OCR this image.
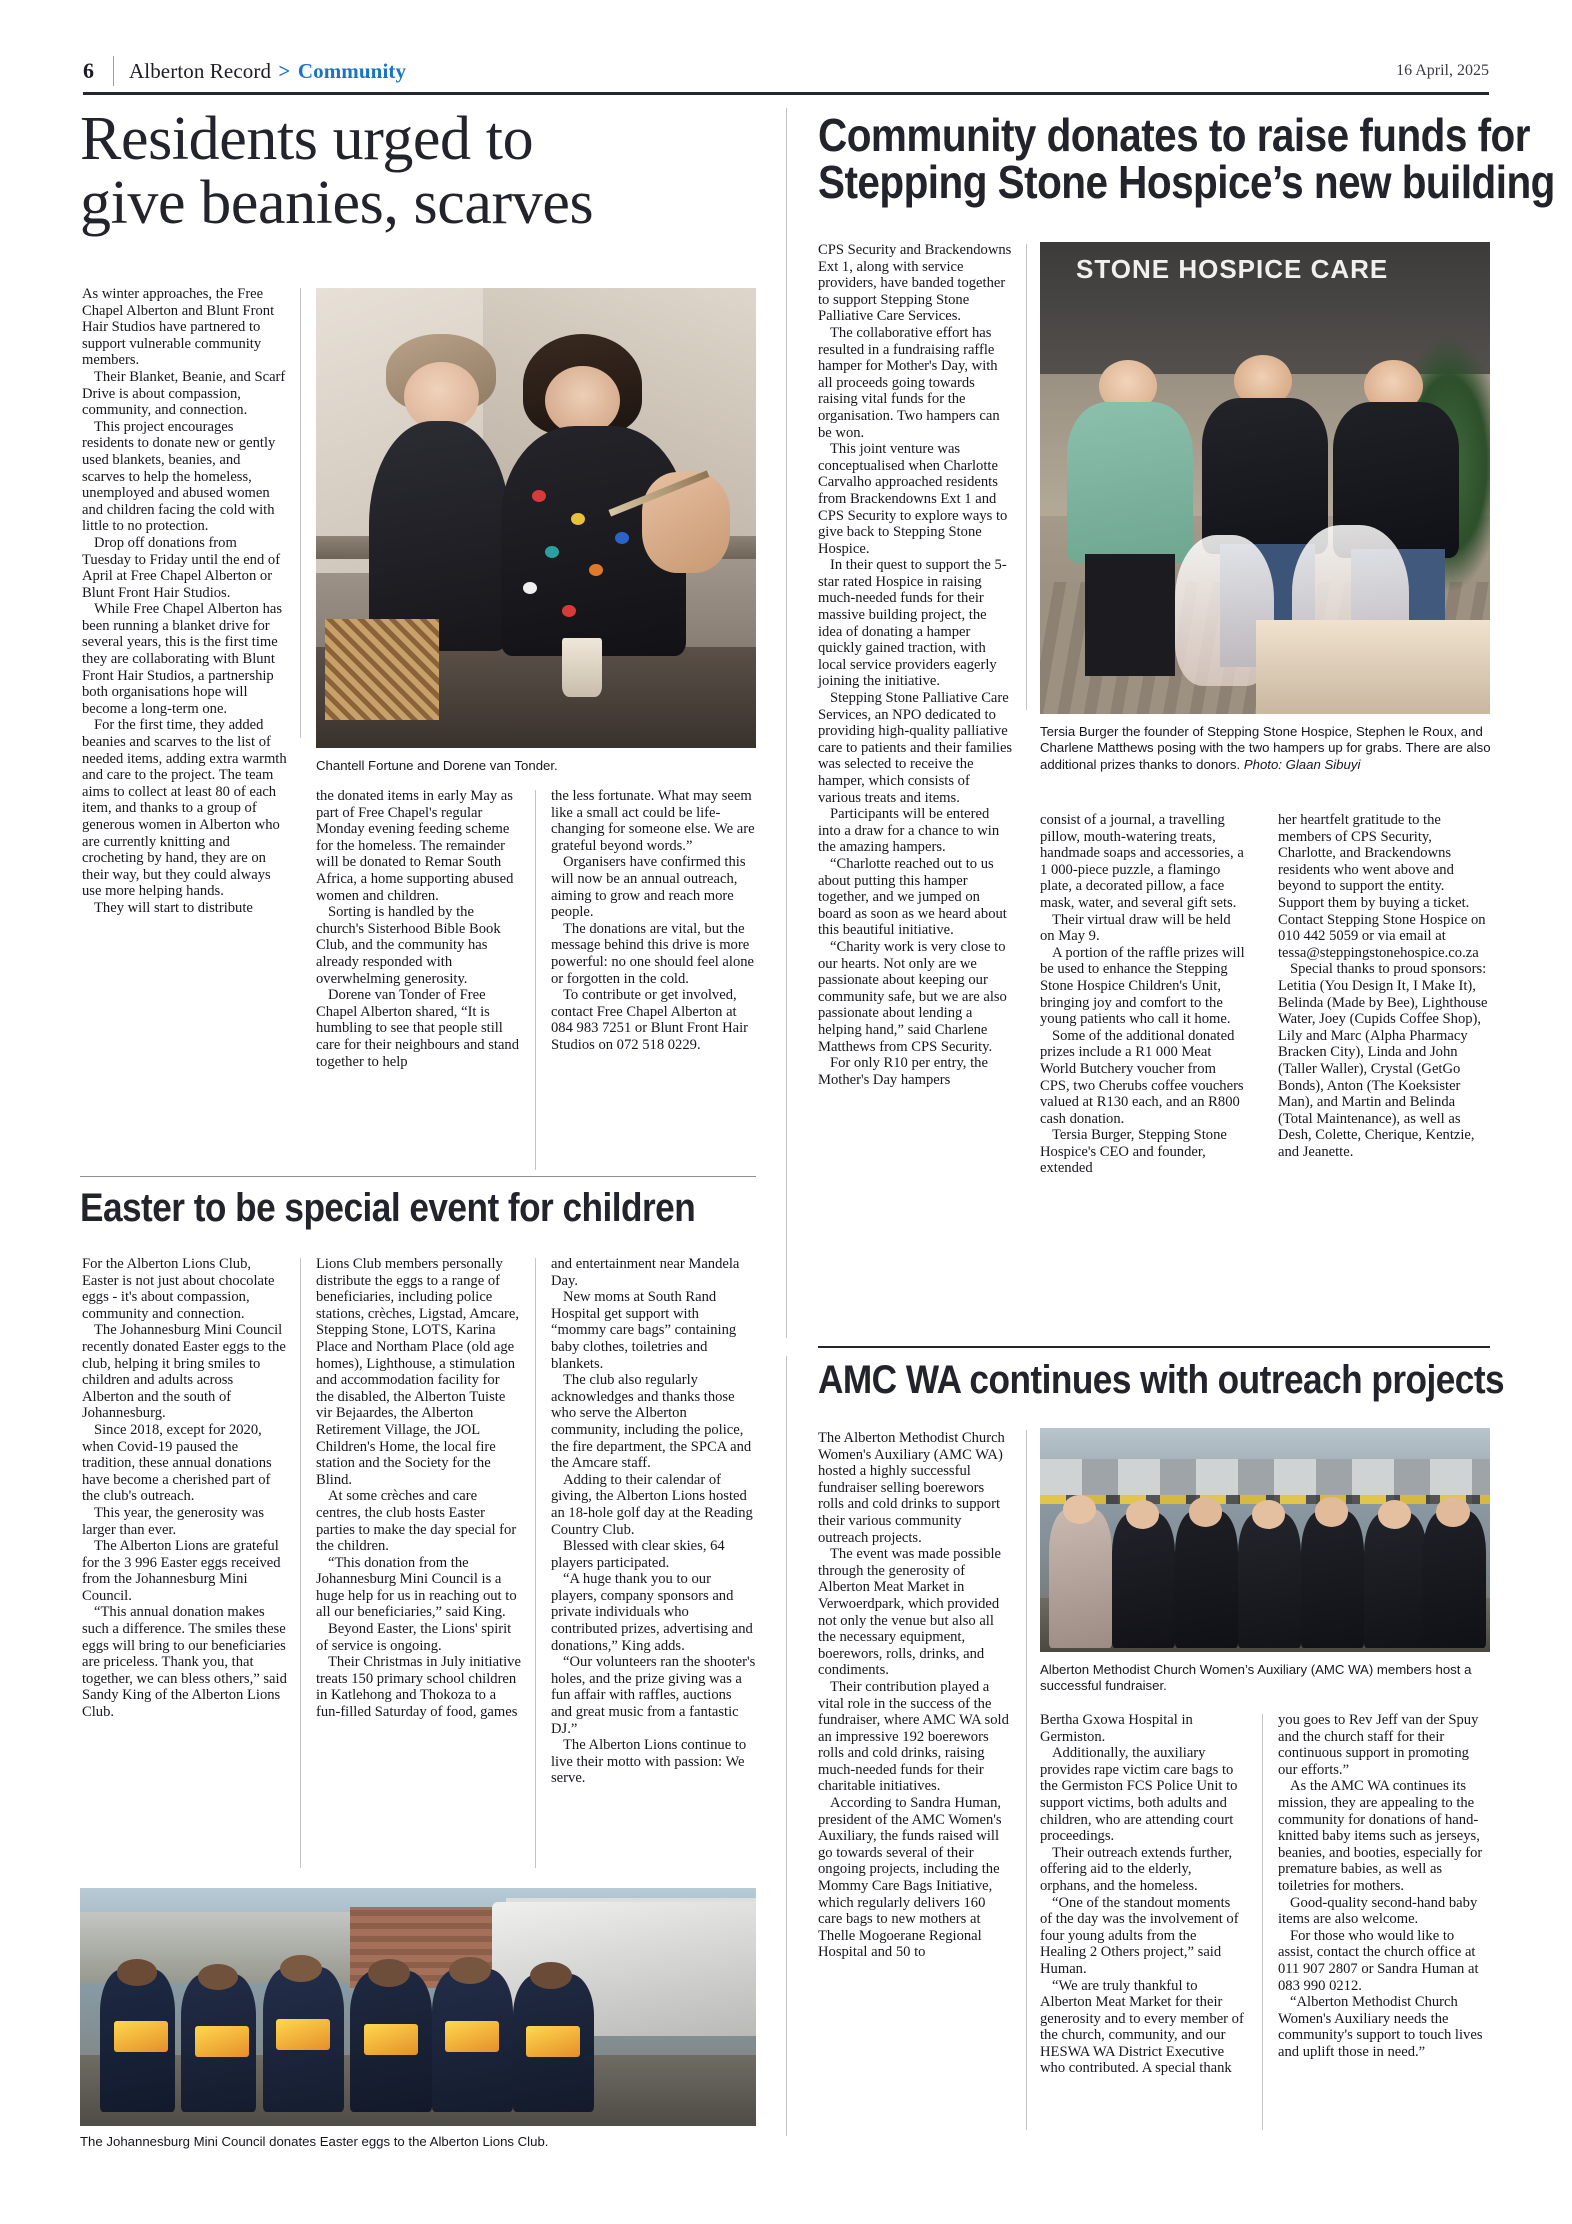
6 Alberton Record > Community	16 April, 2025
Residents urged to
give beanies, scarves

As winter approaches, the Free Chapel Alberton and Blunt Front Hair Studios have partnered to support vulnerable community members.

Their Blanket, Beanie, and Scarf Drive is about compassion, community, and connection.

This project encourages residents to donate new or gently used blankets, beanies, and scarves to help the homeless, unemployed and abused women and children facing the cold with little to no protection.

Drop off donations from Tuesday to Friday until the end of April at Free Chapel Alberton or Blunt Front Hair Studios.

While Free Chapel Alberton has been running a blanket drive for several years, this is the first time they are collaborating with Blunt Front Hair Studios, a partnership both organisations hope will become a long-term one.

For the first time, they added beanies and scarves to the list of needed items, adding extra warmth and care to the project. The team aims to collect at least 80 of each item, and thanks to a group of generous women in Alberton who are currently knitting and crocheting by hand, they are on their way, but they could always use more helping hands.

They will start to distribute

Chantell Fortune and Dorene van Tonder.

the donated items in early May as part of Free Chapel's regular Monday evening feeding scheme for the homeless. The remainder will be donated to Remar South Africa, a home supporting abused women and children.

Sorting is handled by the church's Sisterhood Bible Book Club, and the community has already responded with overwhelming generosity.

Dorene van Tonder of Free Chapel Alberton shared, “It is humbling to see that people still care for their neighbours and stand together to help

the less fortunate. What may seem like a small act could be life-changing for someone else. We are grateful beyond words.”

Organisers have confirmed this will now be an annual outreach, aiming to grow and reach more people.

The donations are vital, but the message behind this drive is more powerful: no one should feel alone or forgotten in the cold.

To contribute or get involved, contact Free Chapel Alberton at 084 983 7251 or Blunt Front Hair Studios on 072 518 0229.

Easter to be special event for children

For the Alberton Lions Club, Easter is not just about chocolate eggs - it's about compassion, community and connection.

The Johannesburg Mini Council recently donated Easter eggs to the club, helping it bring smiles to children and adults across Alberton and the south of Johannesburg.

Since 2018, except for 2020, when Covid-19 paused the tradition, these annual donations have become a cherished part of the club's outreach.

This year, the generosity was larger than ever.

The Alberton Lions are grateful for the 3 996 Easter eggs received from the Johannesburg Mini Council.

“This annual donation makes such a difference. The smiles these eggs will bring to our beneficiaries are priceless. Thank you, that together, we can bless others,” said Sandy King of the Alberton Lions Club.

Lions Club members personally distribute the eggs to a range of beneficiaries, including police stations, crèches, Ligstad, Amcare, Stepping Stone, LOTS, Karina Place and Northam Place (old age homes), Lighthouse, a stimulation and accommodation facility for the disabled, the Alberton Tuiste vir Bejaardes, the Alberton Retirement Village, the JOL Children's Home, the local fire station and the Society for the Blind.

At some crèches and care centres, the club hosts Easter parties to make the day special for the children.

“This donation from the Johannesburg Mini Council is a huge help for us in reaching out to all our beneficiaries,” said King.

Beyond Easter, the Lions' spirit of service is ongoing.

Their Christmas in July initiative treats 150 primary school children in Katlehong and Thokoza to a fun-filled Saturday of food, games

and entertainment near Mandela Day.

New moms at South Rand Hospital get support with “mommy care bags” containing baby clothes, toiletries and blankets.

The club also regularly acknowledges and thanks those who serve the Alberton community, including the police, the fire department, the SPCA and the Amcare staff.

Adding to their calendar of giving, the Alberton Lions hosted an 18-hole golf day at the Reading Country Club.

Blessed with clear skies, 64 players participated.

“A huge thank you to our players, company sponsors and private individuals who contributed prizes, advertising and donations,” King adds.

“Our volunteers ran the shooter's holes, and the prize giving was a fun affair with raffles, auctions and great music from a fantastic DJ.”

The Alberton Lions continue to live their motto with passion: We serve.

The Johannesburg Mini Council donates Easter eggs to the Alberton Lions Club.
Community donates to raise funds for
Stepping Stone Hospice’s new building

CPS Security and Brackendowns Ext 1, along with service providers, have banded together to support Stepping Stone Palliative Care Services.

The collaborative effort has resulted in a fundraising raffle hamper for Mother's Day, with all proceeds going towards raising vital funds for the organisation. Two hampers can be won.

This joint venture was conceptualised when Charlotte Carvalho approached residents from Brackendowns Ext 1 and CPS Security to explore ways to give back to Stepping Stone Hospice.

In their quest to support the 5-star rated Hospice in raising much-needed funds for their massive building project, the idea of donating a hamper quickly gained traction, with local service providers eagerly joining the initiative.

Stepping Stone Palliative Care Services, an NPO dedicated to providing high-quality palliative care to patients and their families was selected to receive the hamper, which consists of various treats and items.

Participants will be entered into a draw for a chance to win the amazing hampers.

“Charlotte reached out to us about putting this hamper together, and we jumped on board as soon as we heard about this beautiful initiative.

“Charity work is very close to our hearts. Not only are we passionate about keeping our community safe, but we are also passionate about lending a helping hand,” said Charlene Matthews from CPS Security.

For only R10 per entry, the Mother's Day hampers

STONE HOSPICE CARE
Tersia Burger the founder of Stepping Stone Hospice, Stephen le Roux, and Charlene Matthews posing with the two hampers up for grabs. There are also additional prizes thanks to donors. Photo: Glaan Sibuyi

consist of a journal, a travelling pillow, mouth-watering treats, handmade soaps and accessories, a 1 000-piece puzzle, a flamingo plate, a decorated pillow, a face mask, water, and several gift sets.

Their virtual draw will be held on May 9.

A portion of the raffle prizes will be used to enhance the Stepping Stone Hospice Children's Unit, bringing joy and comfort to the young patients who call it home.

Some of the additional donated prizes include a R1 000 Meat World Butchery voucher from CPS, two Cherubs coffee vouchers valued at R130 each, and an R800 cash donation.

Tersia Burger, Stepping Stone Hospice's CEO and founder, extended

her heartfelt gratitude to the members of CPS Security, Charlotte, and Brackendowns residents who went above and beyond to support the entity. Support them by buying a ticket. Contact Stepping Stone Hospice on 010 442 5059 or via email at tessa@steppingstonehospice.co.za

Special thanks to proud sponsors: Letitia (You Design It, I Make It), Belinda (Made by Bee), Lighthouse Water, Joey (Cupids Coffee Shop), Lily and Marc (Alpha Pharmacy Bracken City), Linda and John (Taller Waller), Crystal (GetGo Bonds), Anton (The Koeksister Man), and Martin and Belinda (Total Maintenance), as well as Desh, Colette, Cherique, Kentzie, and Jeanette.

AMC WA continues with outreach projects

The Alberton Methodist Church Women's Auxiliary (AMC WA) hosted a highly successful fundraiser selling boerewors rolls and cold drinks to support their various community outreach projects.

The event was made possible through the generosity of Alberton Meat Market in Verwoerdpark, which provided not only the venue but also all the necessary equipment, boerewors, rolls, drinks, and condiments.

Their contribution played a vital role in the success of the fundraiser, where AMC WA sold an impressive 192 boerewors rolls and cold drinks, raising much-needed funds for their charitable initiatives.

According to Sandra Human, president of the AMC Women's Auxiliary, the funds raised will go towards several of their ongoing projects, including the Mommy Care Bags Initiative, which regularly delivers 160 care bags to new mothers at Thelle Mogoerane Regional Hospital and 50 to

Alberton Methodist Church Women’s Auxiliary (AMC WA) members host a successful fundraiser.

Bertha Gxowa Hospital in Germiston.

Additionally, the auxiliary provides rape victim care bags to the Germiston FCS Police Unit to support victims, both adults and children, who are attending court proceedings.

Their outreach extends further, offering aid to the elderly, orphans, and the homeless.

“One of the standout moments of the day was the involvement of four young adults from the Healing 2 Others project,” said Human.

“We are truly thankful to Alberton Meat Market for their generosity and to every member of the church, community, and our HESWA WA District Executive who contributed. A special thank

you goes to Rev Jeff van der Spuy and the church staff for their continuous support in promoting our efforts.”

As the AMC WA continues its mission, they are appealing to the community for donations of hand-knitted baby items such as jerseys, beanies, and booties, especially for premature babies, as well as toiletries for mothers.

Good-quality second-hand baby items are also welcome.

For those who would like to assist, contact the church office at 011 907 2807 or Sandra Human at 083 990 0212.

“Alberton Methodist Church Women's Auxiliary needs the community's support to touch lives and uplift those in need.”
